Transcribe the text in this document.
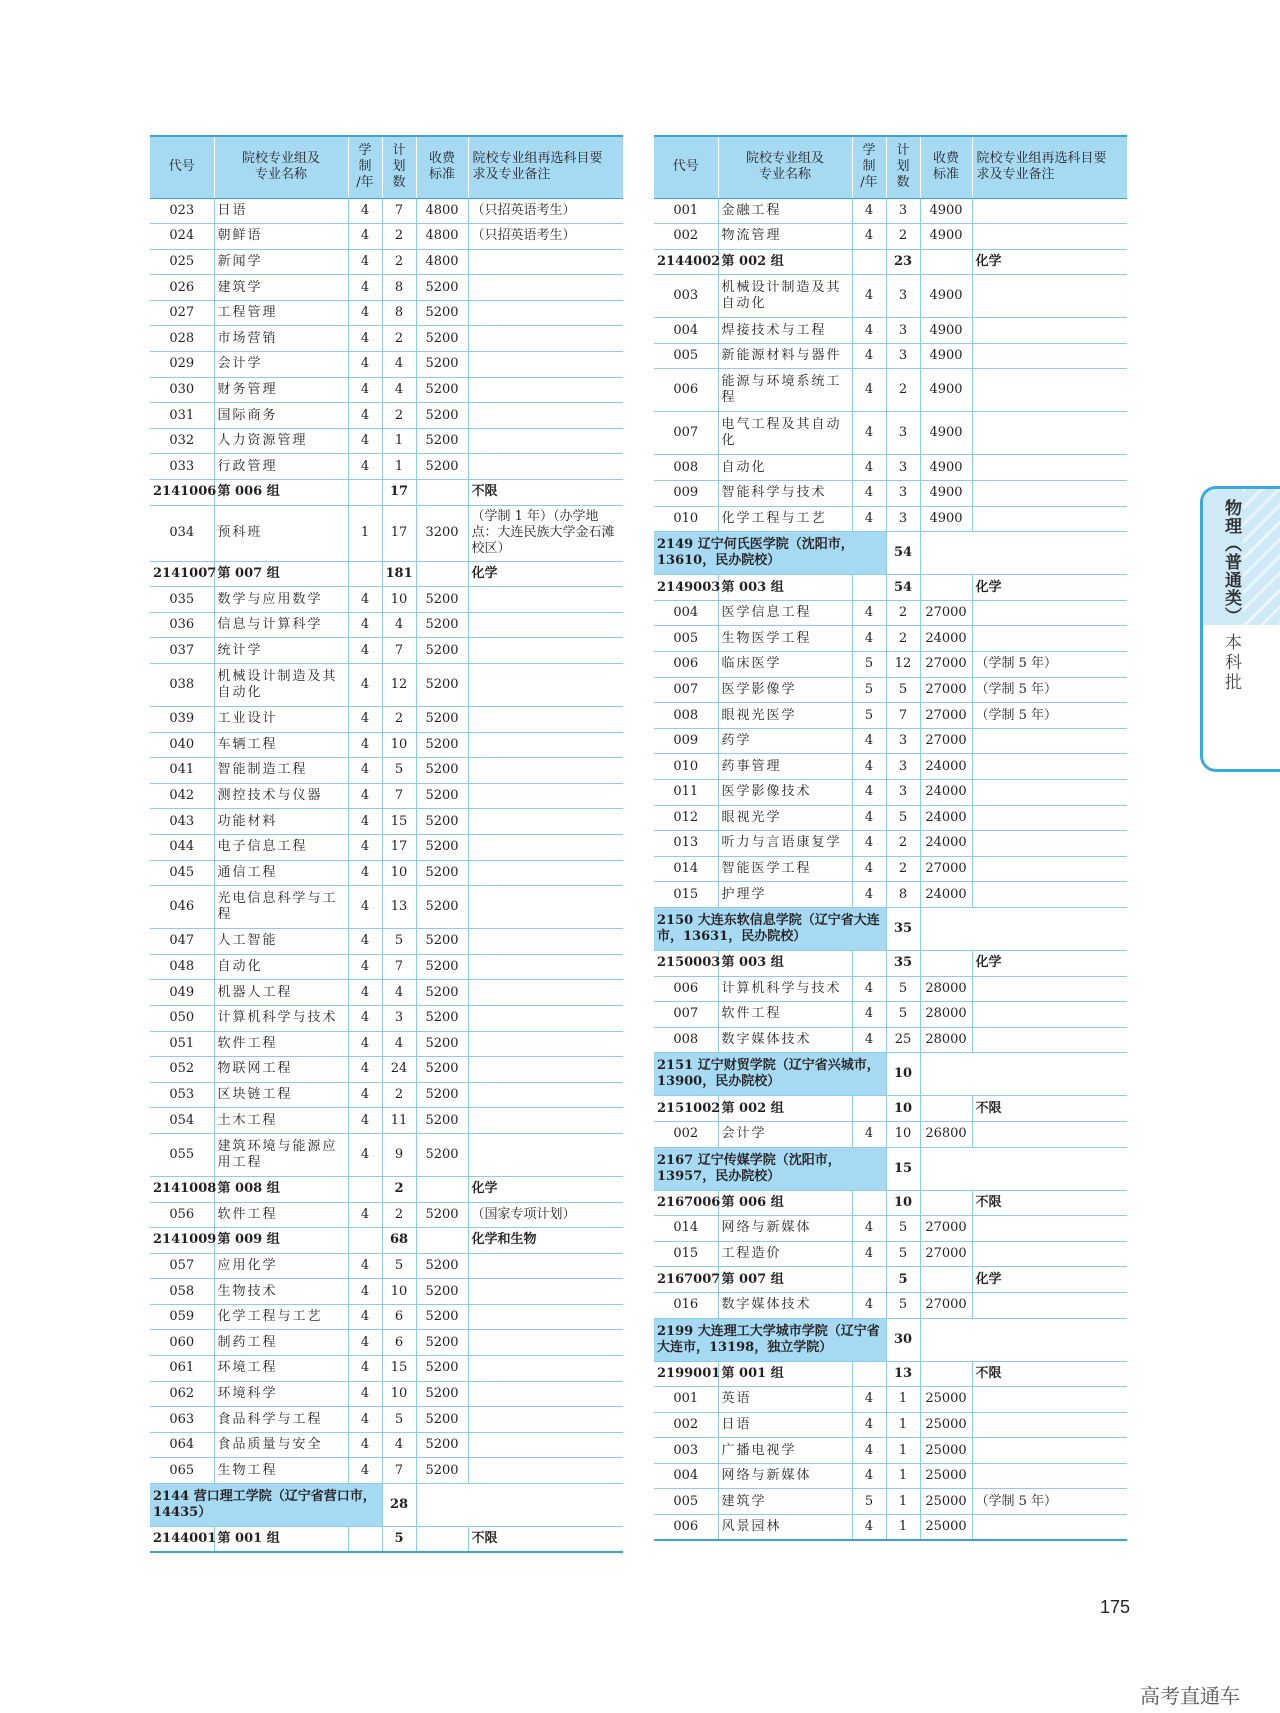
代号	院校专业组及
专业名称	学
制
/年	计
划
数	收费
标准	院校专业组再选科目要
求及专业备注
023	日语	4	7	4800	（只招英语考生）
024	朝鲜语	4	2	4800	（只招英语考生）
025	新闻学	4	2	4800	
026	建筑学	4	8	5200	
027	工程管理	4	8	5200	
028	市场营销	4	2	5200	
029	会计学	4	4	5200	
030	财务管理	4	4	5200	
031	国际商务	4	2	5200	
032	人力资源管理	4	1	5200	
033	行政管理	4	1	5200	
2141006	第 006 组		17		不限
034	预科班	1	17	3200	（学制 1 年）（办学地点：大连民族大学金石滩校区）
2141007	第 007 组		181		化学
035	数学与应用数学	4	10	5200	
036	信息与计算科学	4	4	5200	
037	统计学	4	7	5200	
038	机械设计制造及其自动化	4	12	5200	
039	工业设计	4	2	5200	
040	车辆工程	4	10	5200	
041	智能制造工程	4	5	5200	
042	测控技术与仪器	4	7	5200	
043	功能材料	4	15	5200	
044	电子信息工程	4	17	5200	
045	通信工程	4	10	5200	
046	光电信息科学与工程	4	13	5200	
047	人工智能	4	5	5200	
048	自动化	4	7	5200	
049	机器人工程	4	4	5200	
050	计算机科学与技术	4	3	5200	
051	软件工程	4	4	5200	
052	物联网工程	4	24	5200	
053	区块链工程	4	2	5200	
054	土木工程	4	11	5200	
055	建筑环境与能源应用工程	4	9	5200	
2141008	第 008 组		2		化学
056	软件工程	4	2	5200	（国家专项计划）
2141009	第 009 组		68		化学和生物
057	应用化学	4	5	5200	
058	生物技术	4	10	5200	
059	化学工程与工艺	4	6	5200	
060	制药工程	4	6	5200	
061	环境工程	4	15	5200	
062	环境科学	4	10	5200	
063	食品科学与工程	4	5	5200	
064	食品质量与安全	4	4	5200	
065	生物工程	4	7	5200	
2144 营口理工学院（辽宁省营口市，14435）			28		
2144001	第 001 组		5		不限
代号	院校专业组及
专业名称	学
制
/年	计
划
数	收费
标准	院校专业组再选科目要
求及专业备注
001	金融工程	4	3	4900	
002	物流管理	4	2	4900	
2144002	第 002 组		23		化学
003	机械设计制造及其自动化	4	3	4900	
004	焊接技术与工程	4	3	4900	
005	新能源材料与器件	4	3	4900	
006	能源与环境系统工程	4	2	4900	
007	电气工程及其自动化	4	3	4900	
008	自动化	4	3	4900	
009	智能科学与技术	4	3	4900	
010	化学工程与工艺	4	3	4900	
2149 辽宁何氏医学院（沈阳市，13610，民办院校）			54		
2149003	第 003 组		54		化学
004	医学信息工程	4	2	27000	
005	生物医学工程	4	2	24000	
006	临床医学	5	12	27000	（学制 5 年）
007	医学影像学	5	5	27000	（学制 5 年）
008	眼视光医学	5	7	27000	（学制 5 年）
009	药学	4	3	27000	
010	药事管理	4	3	24000	
011	医学影像技术	4	3	24000	
012	眼视光学	4	5	24000	
013	听力与言语康复学	4	2	24000	
014	智能医学工程	4	2	27000	
015	护理学	4	8	24000	
2150 大连东软信息学院（辽宁省大连市，13631，民办院校）			35		
2150003	第 003 组		35		化学
006	计算机科学与技术	4	5	28000	
007	软件工程	4	5	28000	
008	数字媒体技术	4	25	28000	
2151 辽宁财贸学院（辽宁省兴城市，13900，民办院校）			10		
2151002	第 002 组		10		不限
002	会计学	4	10	26800	
2167 辽宁传媒学院（沈阳市，13957，民办院校）			15		
2167006	第 006 组		10		不限
014	网络与新媒体	4	5	27000	
015	工程造价	4	5	27000	
2167007	第 007 组		5		化学
016	数字媒体技术	4	5	27000	
2199 大连理工大学城市学院（辽宁省大连市，13198，独立学院）			30		
2199001	第 001 组		13		不限
001	英语	4	1	25000	
002	日语	4	1	25000	
003	广播电视学	4	1	25000	
004	网络与新媒体	4	1	25000	
005	建筑学	5	1	25000	（学制 5 年）
006	风景园林	4	1	25000	
物理（普通类）
本科批
175
高考直通车
